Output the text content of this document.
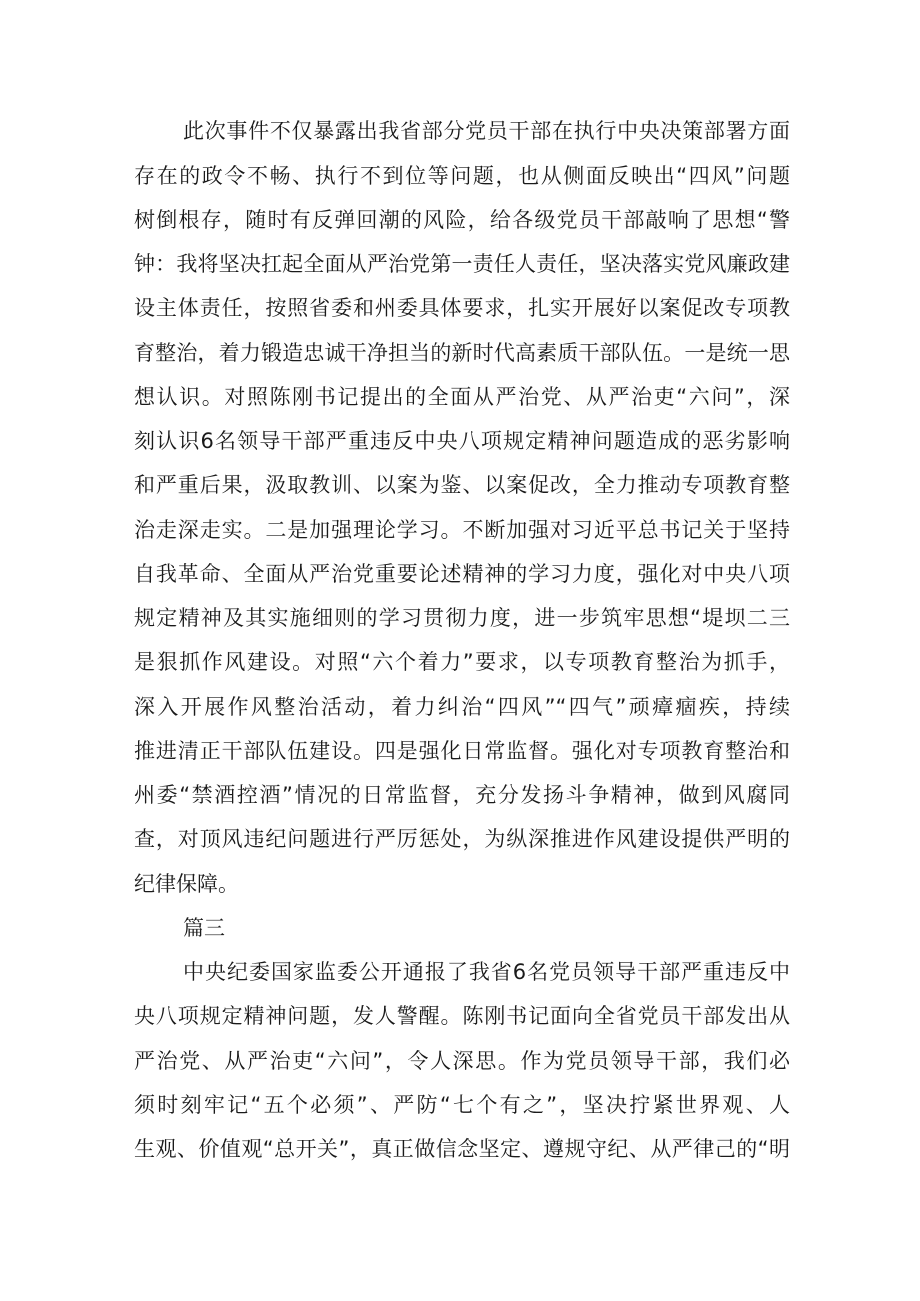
此次事件不仅暴露出我省部分党员干部在执行中央决策部署方面
存在的政令不畅、执行不到位等问题，也从侧面反映出“四风”问题
树倒根存，随时有反弹回潮的风险，给各级党员干部敲响了思想“警
钟：我将坚决扛起全面从严治党第一责任人责任，坚决落实党风廉政建
设主体责任，按照省委和州委具体要求，扎实开展好以案促改专项教
育整治，着力锻造忠诚干净担当的新时代高素质干部队伍。一是统一思
想认识。对照陈刚书记提出的全面从严治党、从严治吏“六问”，深
刻认识6名领导干部严重违反中央八项规定精神问题造成的恶劣影响
和严重后果，汲取教训、以案为鉴、以案促改，全力推动专项教育整
治走深走实。二是加强理论学习。不断加强对习近平总书记关于坚持
自我革命、全面从严治党重要论述精神的学习力度，强化对中央八项
规定精神及其实施细则的学习贯彻力度，进一步筑牢思想“堤坝二三
是狠抓作风建设。对照“六个着力”要求，以专项教育整治为抓手，
深入开展作风整治活动，着力纠治“四风”“四气”顽瘴痼疾，持续
推进清正干部队伍建设。四是强化日常监督。强化对专项教育整治和
州委“禁酒控酒”情况的日常监督，充分发扬斗争精神，做到风腐同
查，对顶风违纪问题进行严厉惩处，为纵深推进作风建设提供严明的
纪律保障。
篇三
中央纪委国家监委公开通报了我省6名党员领导干部严重违反中
央八项规定精神问题，发人警醒。陈刚书记面向全省党员干部发出从
严治党、从严治吏“六问”，令人深思。作为党员领导干部，我们必
须时刻牢记“五个必须”、严防“七个有之”，坚决拧紧世界观、人
生观、价值观“总开关”，真正做信念坚定、遵规守纪、从严律己的“明
